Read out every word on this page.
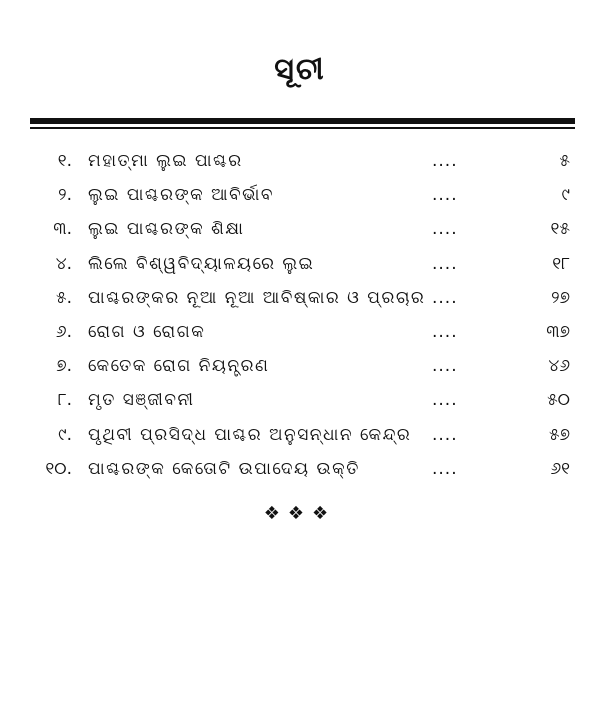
ସୂଚୀ
୧. ମହାତ୍ମା ଲୁଇ ପାଶ୍ଚର	....	୫
୨. ଲୁଇ ପାଶ୍ଚରଙ୍କ ଆବିର୍ଭାବ	....	୯
୩. ଲୁଇ ପାଶ୍ଚରଙ୍କ ଶିକ୍ଷା	....	୧୫
୪. ଲିଲେ ବିଶ୍ୱବିଦ୍ୟାଳୟରେ ଲୁଇ	....	୧୮
୫. ପାଶ୍ଚରଙ୍କର ନୂଆ ନୂଆ ଆବିଷ୍କାର ଓ ପ୍ରଚାର ....	୨୭
୬. ରୋଗ ଓ ରୋଗକ	....	୩୭
୭. କେତେକ ରୋଗ ନିୟନ୍ତ୍ରଣ	....	୪୬
୮. ମୃତ ସଞ୍ଜୀବନୀ	....	୫୦
୯. ପୃଥିବୀ ପ୍ରସିଦ୍ଧ ପାଶ୍ଚର ଅନୁସନ୍ଧାନ କେନ୍ଦ୍ର ....	୫୭
୧୦. ପାଶ୍ଚରଙ୍କ କେତୋଟି ଉପାଦେୟ ଉକ୍ତି	....	୬୧
❖❖❖
